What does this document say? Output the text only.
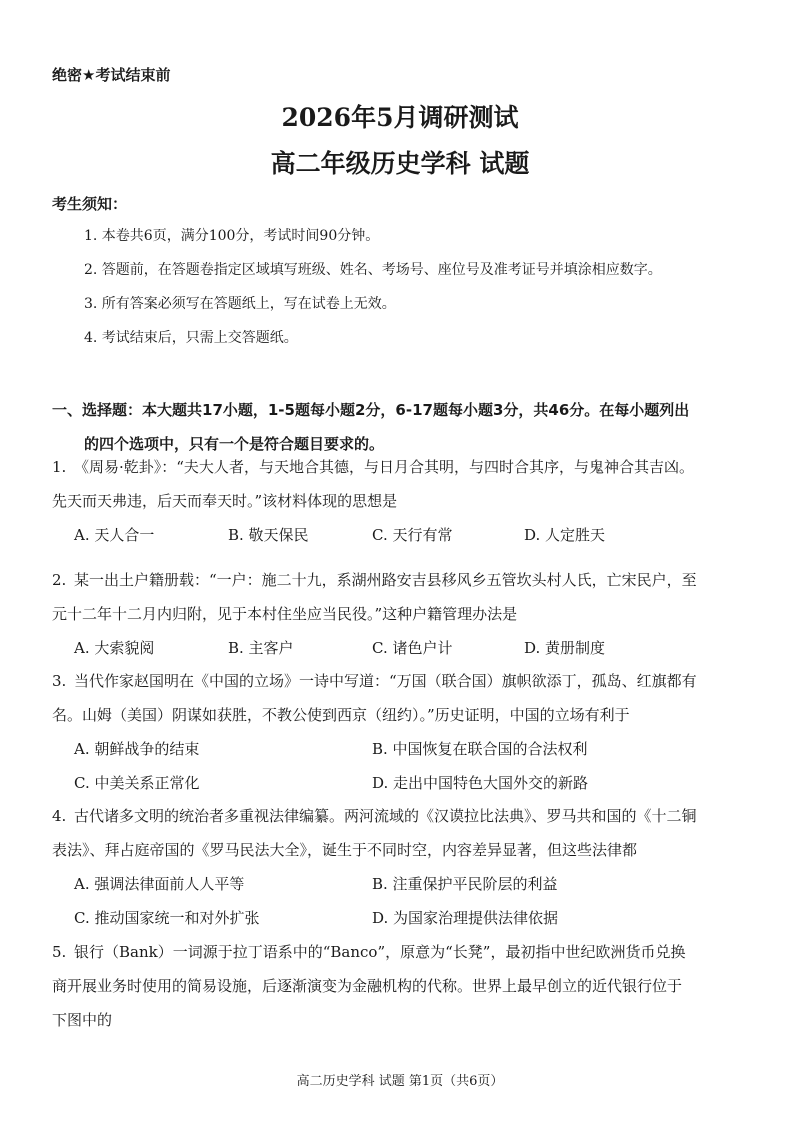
绝密★考试结束前
2026年5月调研测试
高二年级历史学科 试题
考生须知：
1. 本卷共6页，满分100分，考试时间90分钟。
2. 答题前，在答题卷指定区域填写班级、姓名、考场号、座位号及准考证号并填涂相应数字。
3. 所有答案必须写在答题纸上，写在试卷上无效。
4. 考试结束后，只需上交答题纸。
一、选择题：本大题共17小题，1-5题每小题2分，6-17题每小题3分，共46分。在每小题列出
的四个选项中，只有一个是符合题目要求的。
1. 《周易·乾卦》：“夫大人者，与天地合其德，与日月合其明，与四时合其序，与鬼神合其吉凶。
先天而天弗违，后天而奉天时。”该材料体现的思想是
A. 天人合一	B. 敬天保民	C. 天行有常	D. 人定胜天
2. 某一出土户籍册载：“一户：施二十九，系湖州路安吉县移风乡五管坎头村人氏，亡宋民户，至
元十二年十二月内归附，见于本村住坐应当民役。”这种户籍管理办法是
A. 大索貌阅	B. 主客户	C. 诸色户计	D. 黄册制度
3. 当代作家赵国明在《中国的立场》一诗中写道：“万国（联合国）旗帜欲添丁，孤岛、红旗都有
名。山姆（美国）阴谋如获胜，不教公使到西京（纽约）。”历史证明，中国的立场有利于
A. 朝鲜战争的结束	B. 中国恢复在联合国的合法权利
C. 中美关系正常化	D. 走出中国特色大国外交的新路
4. 古代诸多文明的统治者多重视法律编纂。两河流域的《汉谟拉比法典》、罗马共和国的《十二铜
表法》、拜占庭帝国的《罗马民法大全》，诞生于不同时空，内容差异显著，但这些法律都
A. 强调法律面前人人平等	B. 注重保护平民阶层的利益
C. 推动国家统一和对外扩张	D. 为国家治理提供法律依据
5. 银行（Bank）一词源于拉丁语系中的“Banco”，原意为“长凳”，最初指中世纪欧洲货币兑换
商开展业务时使用的简易设施，后逐渐演变为金融机构的代称。世界上最早创立的近代银行位于
下图中的
高二历史学科 试题 第1页（共6页）
